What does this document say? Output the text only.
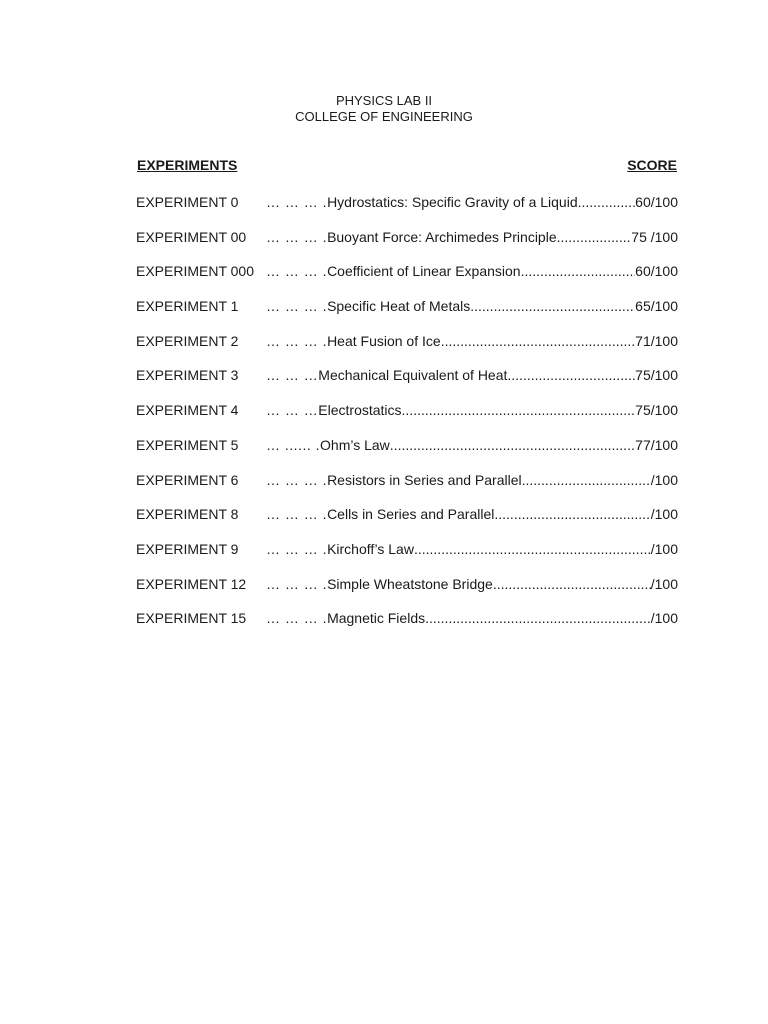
PHYSICS LAB II
COLLEGE OF ENGINEERING
EXPERIMENTS	SCORE
EXPERIMENT 0 … … … . Hydrostatics: Specific Gravity of a Liquid .....	60/100
EXPERIMENT 00 … … … . Buoyant Force: Archimedes Principle .....	75 /100
EXPERIMENT 000 … … … . Coefficient of Linear Expansion .....	60/100
EXPERIMENT 1 … … … . Specific Heat of Metals .....	65/100
EXPERIMENT 2 … … … . Heat Fusion of Ice .....	71/100
EXPERIMENT 3 … … … Mechanical Equivalent of Heat .....	75/100
EXPERIMENT 4 … … … Electrostatics .....	75/100
EXPERIMENT 5 … ...... . Ohm’s Law .....	77/100
EXPERIMENT 6 … … … . Resistors in Series and Parallel .....	/100
EXPERIMENT 8 … … … . Cells in Series and Parallel .....	/100
EXPERIMENT 9 … … … . Kirchoff’s Law .....	/100
EXPERIMENT 12 … … … . Simple Wheatstone Bridge .....	/100
EXPERIMENT 15 … … … . Magnetic Fields .....	/100
